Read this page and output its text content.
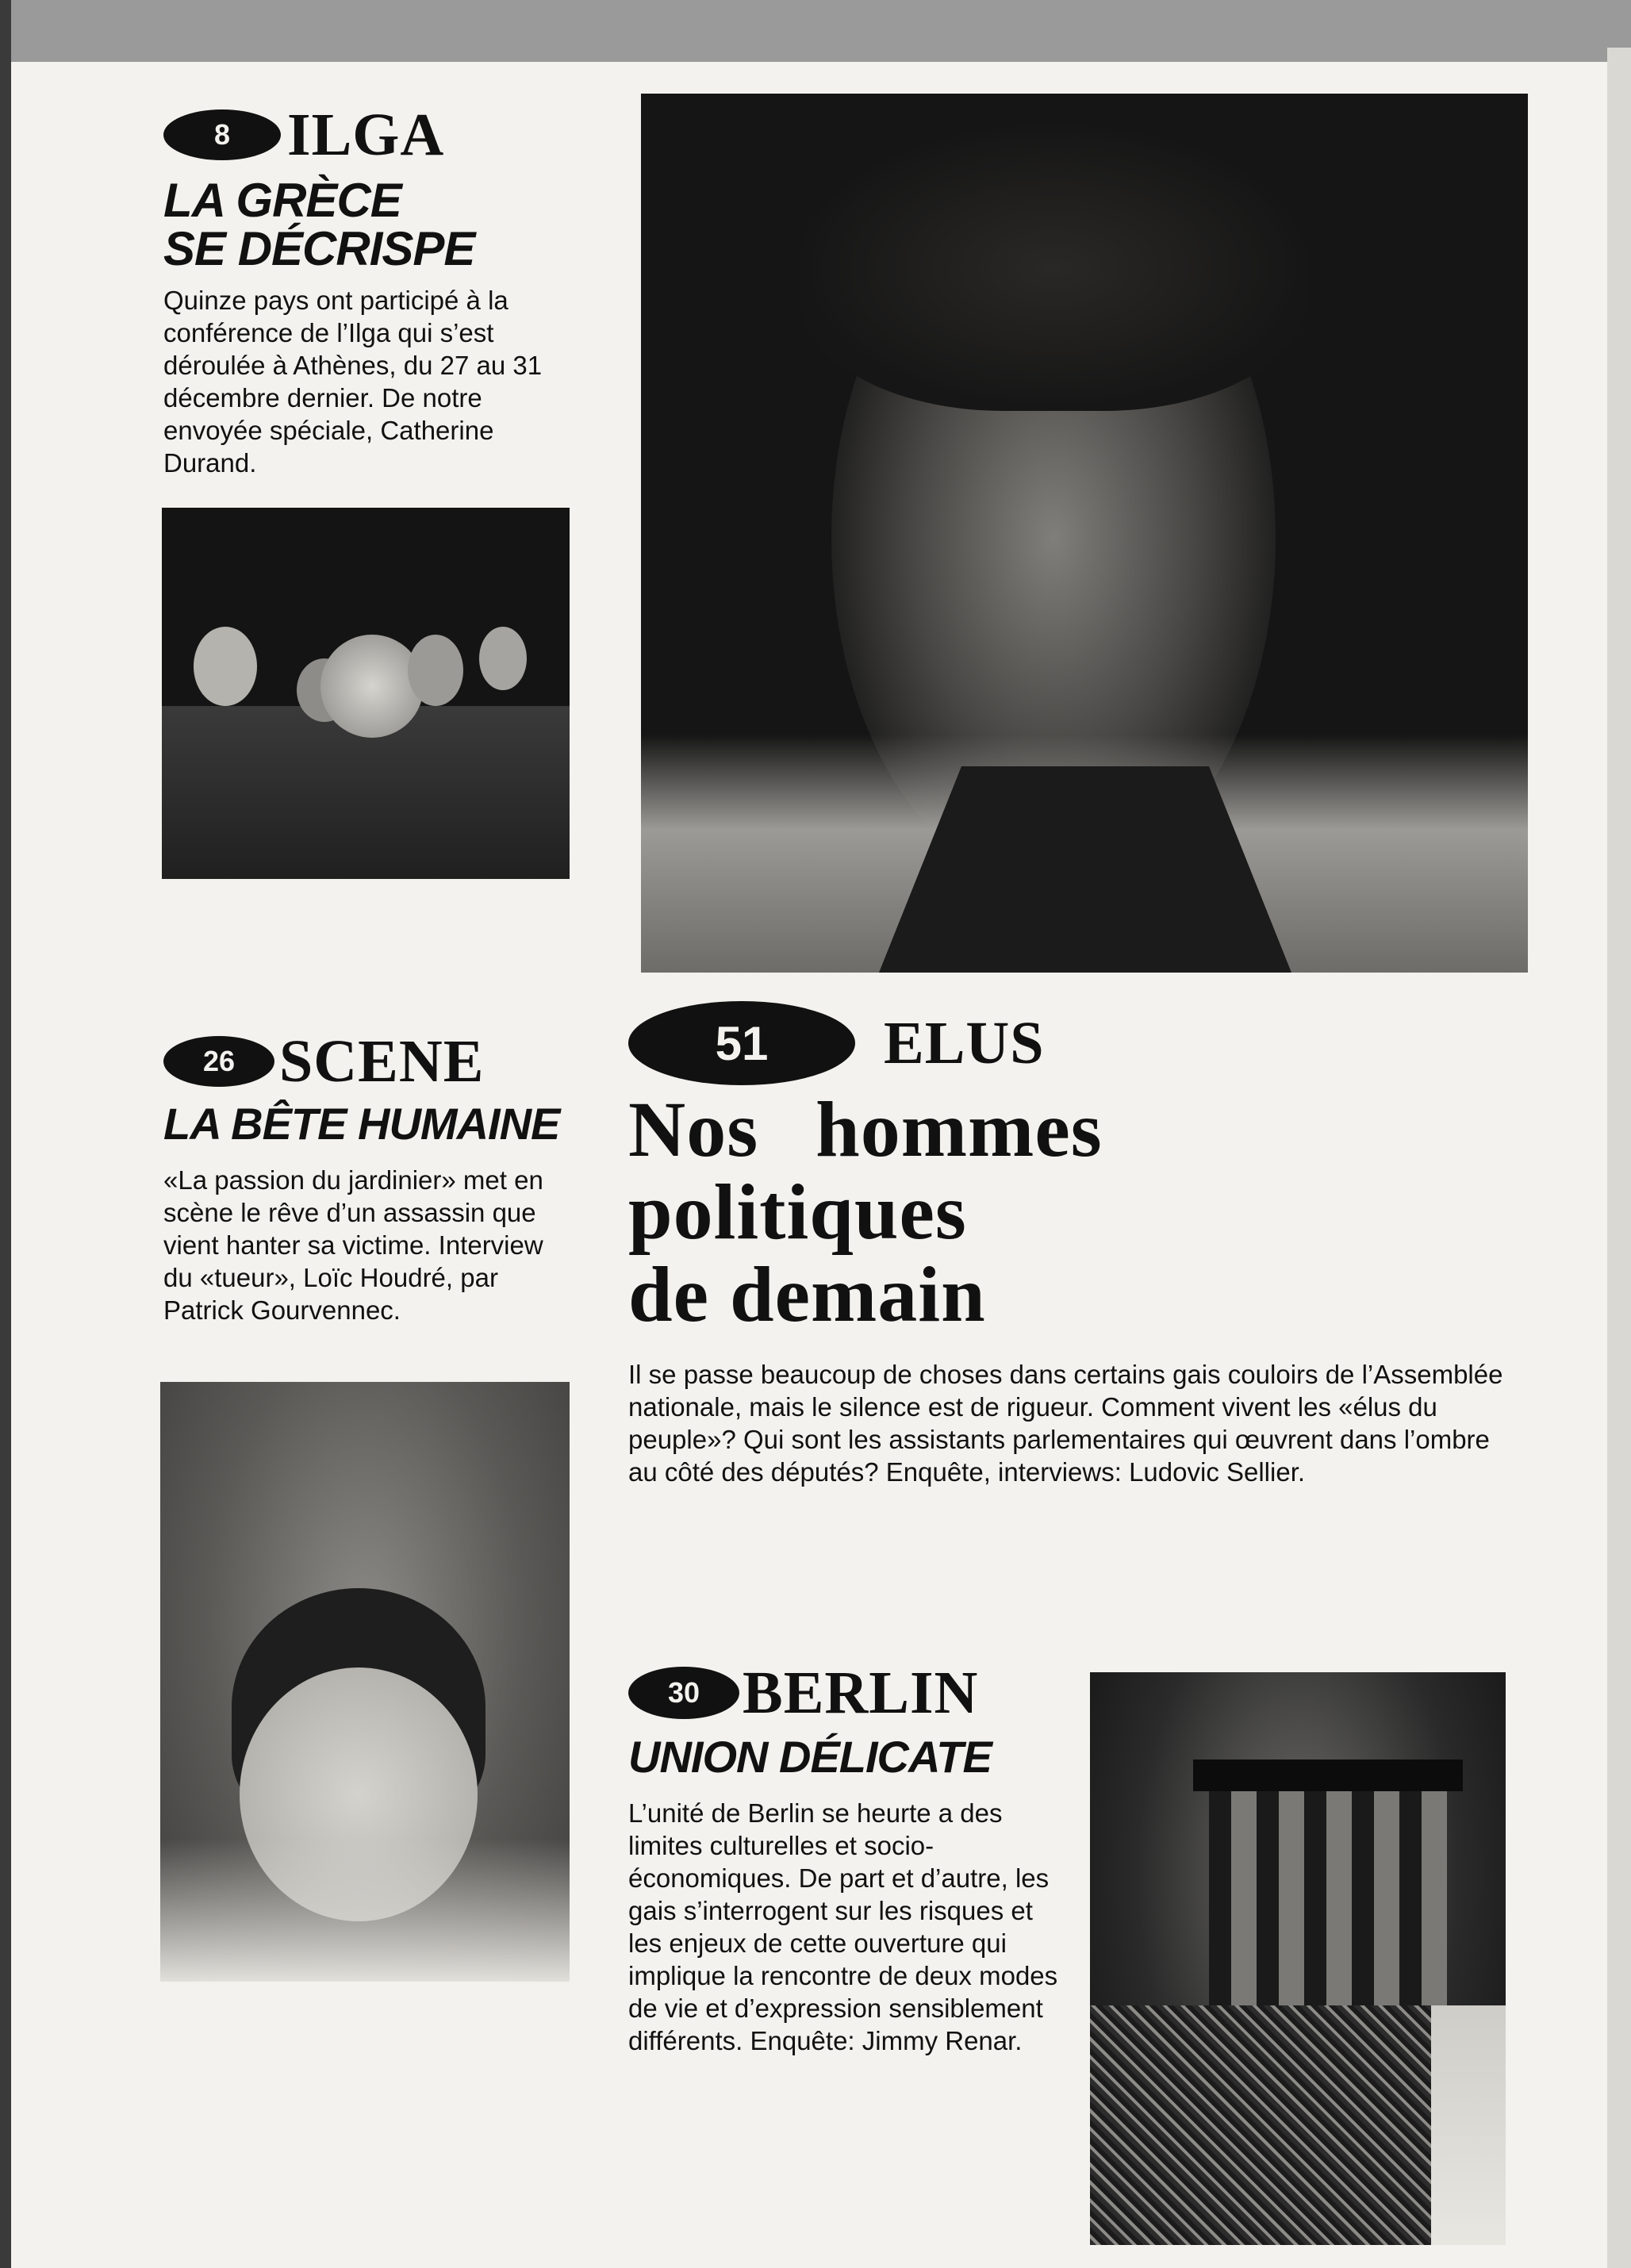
8 ILGA
LA GRÈCE
SE DÉCRISPE
Quinze pays ont participé à la conférence de l’Ilga qui s’est déroulée à Athènes, du 27 au 31 décembre dernier. De notre envoyée spéciale, Catherine Durand.
26 SCENE
LA BÊTE HUMAINE
«La passion du jardinier» met en scène le rêve d’un assassin que vient hanter sa victime. Interview du «tueur», Loïc Houdré, par Patrick Gourvennec.
51	ELUS
Nos hommes
politiques
de demain
Il se passe beaucoup de choses dans certains gais couloirs de l’Assemblée nationale, mais le silence est de rigueur. Comment vivent les «élus du peuple»? Qui sont les assistants parlementaires qui œuvrent dans l’ombre au côté des députés? Enquête, interviews: Ludovic Sellier.
30 BERLIN
UNION DÉLICATE
L’unité de Berlin se heurte a des limites culturelles et socio-économiques. De part et d’autre, les gais s’interrogent sur les risques et les enjeux de cette ouverture qui implique la rencontre de deux modes de vie et d’expression sensiblement différents. Enquête: Jimmy Renar.
